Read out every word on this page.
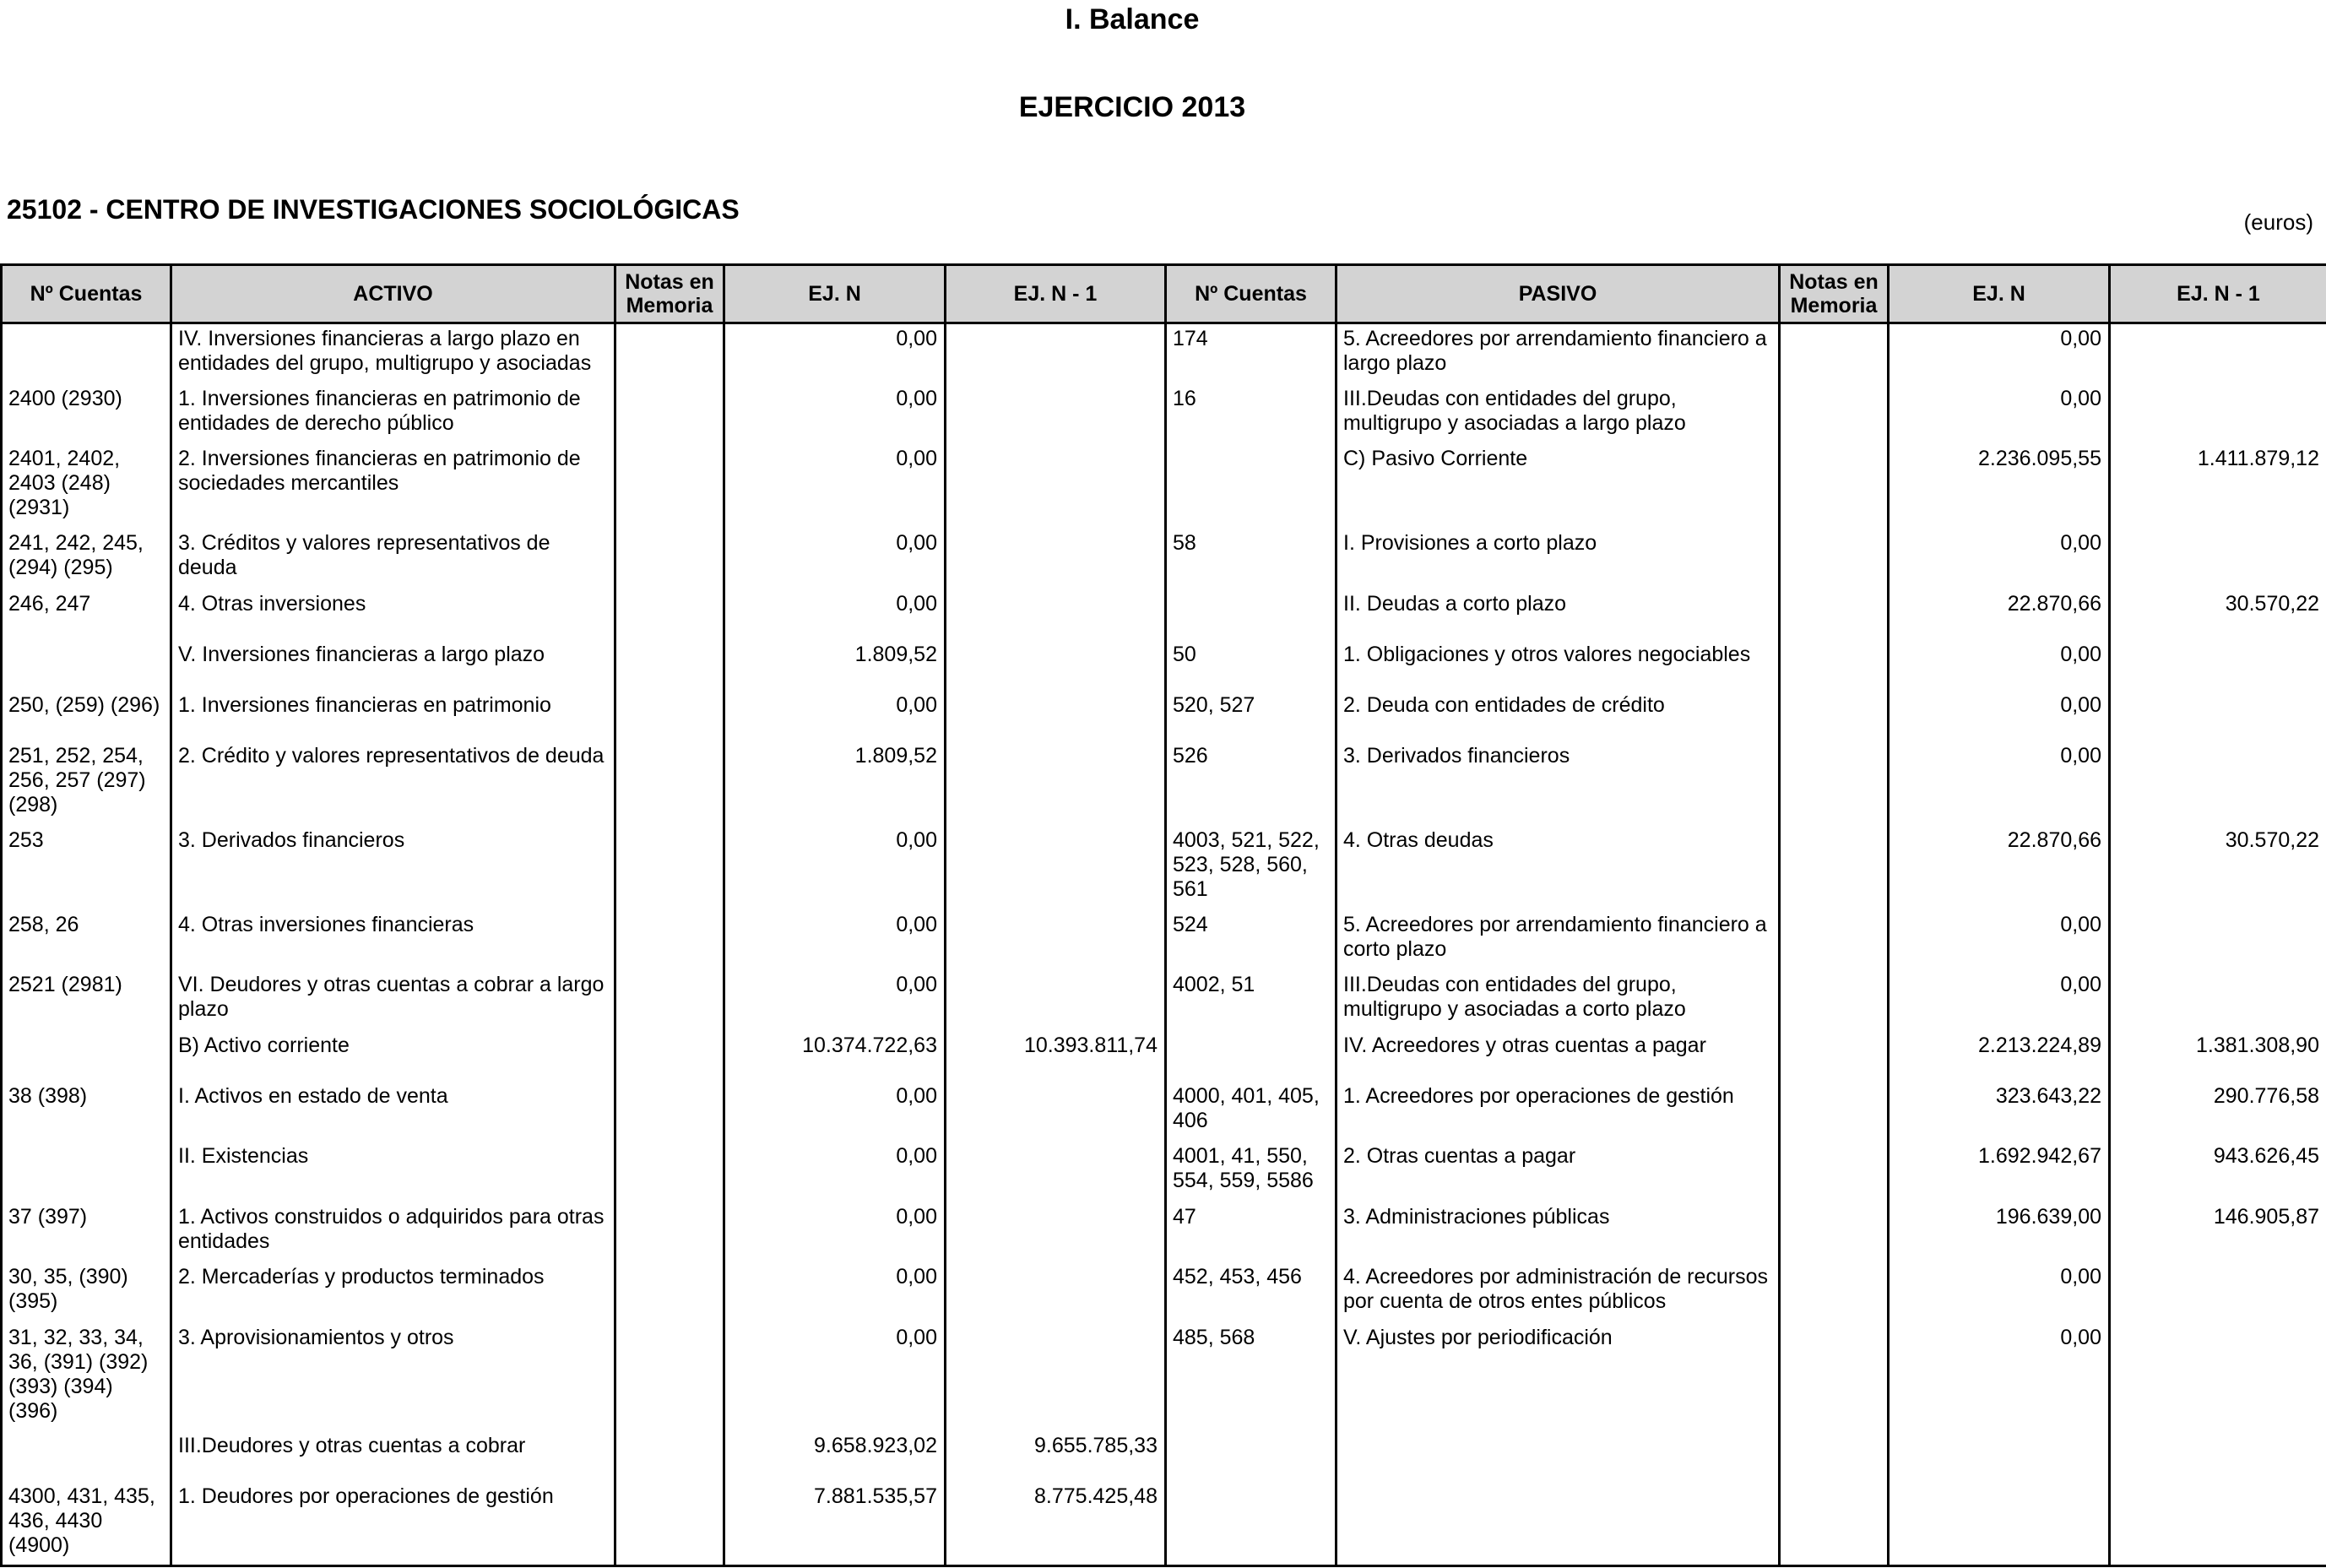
I. Balance
EJERCICIO 2013
25102 - CENTRO DE INVESTIGACIONES SOCIOLÓGICAS	(euros)
Nº Cuentas	ACTIVO	Notas en Memoria	EJ. N	EJ. N - 1	Nº Cuentas	PASIVO	Notas en Memoria	EJ. N	EJ. N - 1
	IV. Inversiones financieras a largo plazo en entidades del grupo, multigrupo y asociadas		0,00		174	5. Acreedores por arrendamiento financiero a largo plazo		0,00	
2400 (2930)	1. Inversiones financieras en patrimonio de entidades de derecho público		0,00		16	III.Deudas con entidades del grupo, multigrupo y asociadas a largo plazo		0,00	
2401, 2402, 2403 (248) (2931)	2. Inversiones financieras en patrimonio de sociedades mercantiles		0,00			C) Pasivo Corriente		2.236.095,55	1.411.879,12
241, 242, 245, (294) (295)	3. Créditos y valores representativos de deuda		0,00		58	I. Provisiones a corto plazo		0,00	
246, 247	4. Otras inversiones		0,00			II. Deudas a corto plazo		22.870,66	30.570,22
	V. Inversiones financieras a largo plazo		1.809,52		50	1. Obligaciones y otros valores negociables		0,00	
250, (259) (296)	1. Inversiones financieras en patrimonio		0,00		520, 527	2. Deuda con entidades de crédito		0,00	
251, 252, 254, 256, 257 (297) (298)	2. Crédito y valores representativos de deuda		1.809,52		526	3. Derivados financieros		0,00	
253	3. Derivados financieros		0,00		4003, 521, 522, 523, 528, 560, 561	4. Otras deudas		22.870,66	30.570,22
258, 26	4. Otras inversiones financieras		0,00		524	5. Acreedores por arrendamiento financiero a corto plazo		0,00	
2521 (2981)	VI. Deudores y otras cuentas a cobrar a largo plazo		0,00		4002, 51	III.Deudas con entidades del grupo, multigrupo y asociadas a corto plazo		0,00	
	B) Activo corriente		10.374.722,63	10.393.811,74		IV. Acreedores y otras cuentas a pagar		2.213.224,89	1.381.308,90
38 (398)	I. Activos en estado de venta		0,00		4000, 401, 405, 406	1. Acreedores por operaciones de gestión		323.643,22	290.776,58
	II. Existencias		0,00		4001, 41, 550, 554, 559, 5586	2. Otras cuentas a pagar		1.692.942,67	943.626,45
37 (397)	1. Activos construidos o adquiridos para otras entidades		0,00		47	3. Administraciones públicas		196.639,00	146.905,87
30, 35, (390) (395)	2. Mercaderías y productos terminados		0,00		452, 453, 456	4. Acreedores por administración de recursos por cuenta de otros entes públicos		0,00	
31, 32, 33, 34, 36, (391) (392) (393) (394) (396)	3. Aprovisionamientos y otros		0,00		485, 568	V. Ajustes por periodificación		0,00	
	III.Deudores y otras cuentas a cobrar		9.658.923,02	9.655.785,33					
4300, 431, 435, 436, 4430 (4900)	1. Deudores por operaciones de gestión		7.881.535,57	8.775.425,48					
